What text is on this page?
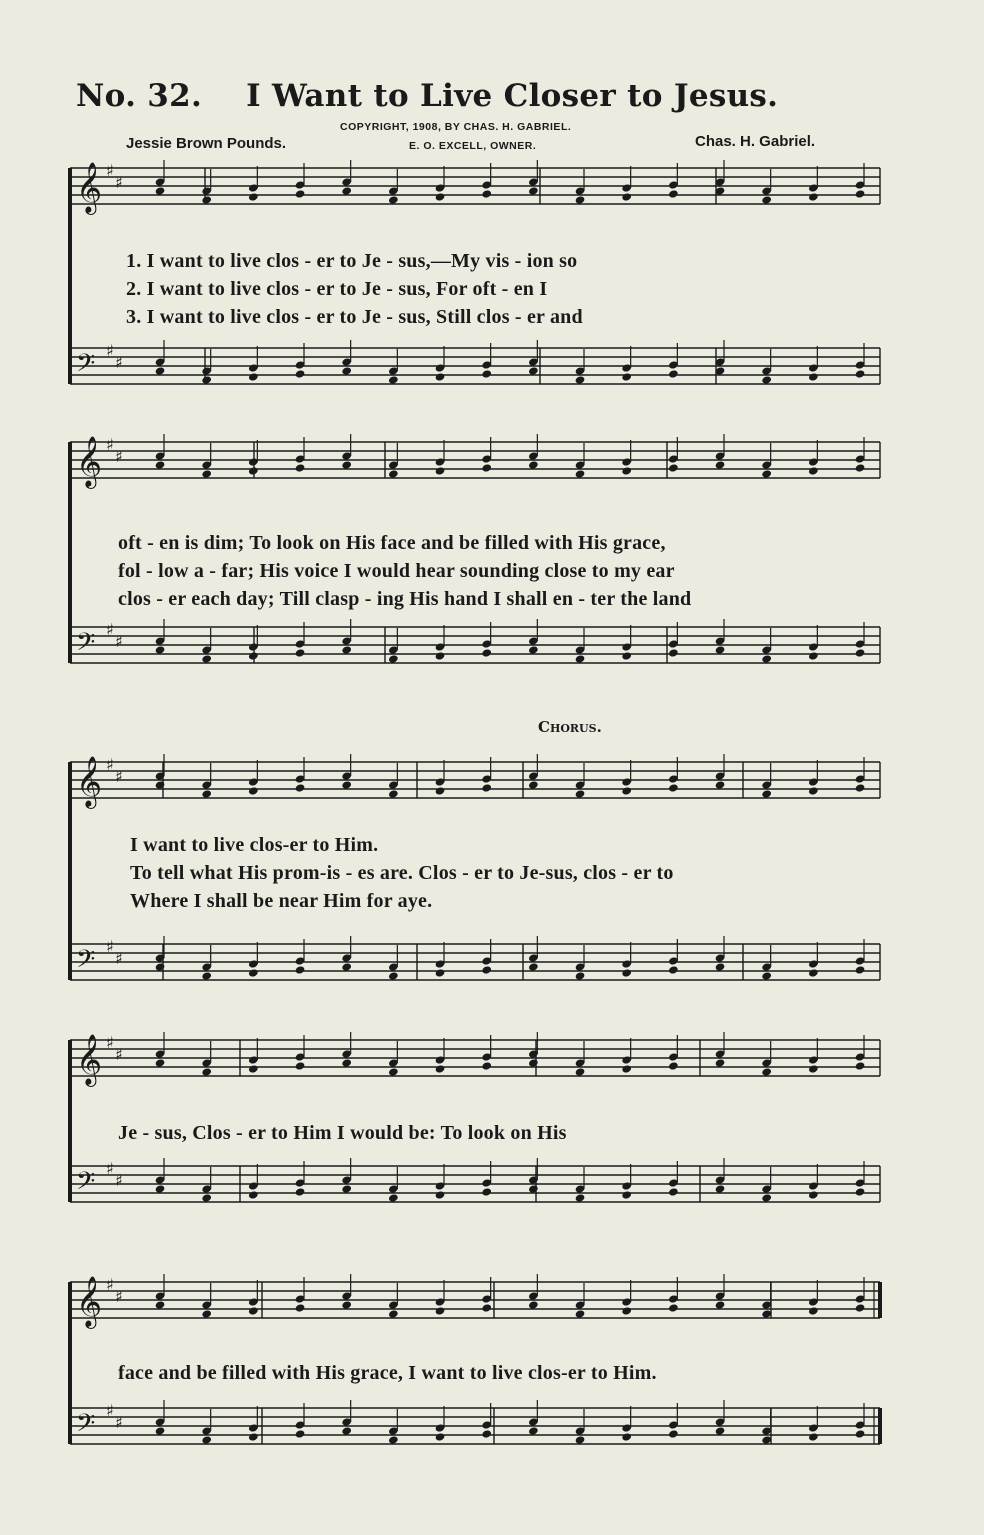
No. 32. I Want to Live Closer to Jesus.
Jessie Brown Pounds.
COPYRIGHT, 1908, BY CHAS. H. GABRIEL.
E. O. EXCELL, OWNER.	Chas. H. Gabriel.
Chorus.
𝄞 ♯
♯
𝄢 ♯
♯
𝄞 ♯
♯
𝄢 ♯
♯
𝄞 ♯
♯
𝄢 ♯
♯
𝄞 ♯
♯
𝄢 ♯
♯
𝄞 ♯
♯
𝄢 ♯
♯
1. I want to live clos - er to Je - sus,—My vis - ion so
2. I want to live clos - er to Je - sus, For oft - en I
3. I want to live clos - er to Je - sus, Still clos - er and
oft - en is dim; To look on His face and be filled with His grace,
fol - low a - far; His voice I would hear sounding close to my ear
clos - er each day; Till clasp - ing His hand I shall en - ter the land
I want to live clos-er to Him.
To tell what His prom-is - es are. Clos - er to Je-sus, clos - er to
Where I shall be near Him for aye.
Je - sus, Clos - er to Him I would be: To look on His
face and be filled with His grace, I want to live clos-er to Him.
